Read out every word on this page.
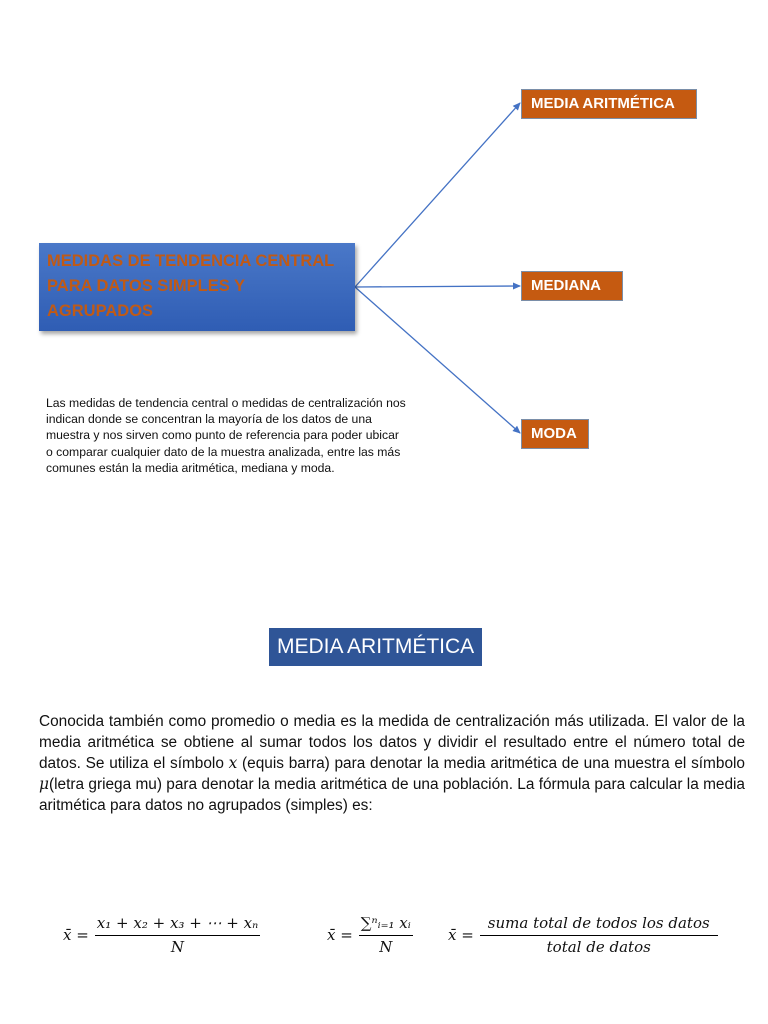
MEDIDAS DE TENDENCIA CENTRAL PARA DATOS SIMPLES Y AGRUPADOS
MEDIA ARITMÉTICA
MEDIANA
MODA

Las medidas de tendencia central o medidas de centralización nos indican donde se concentran la mayoría de los datos de una muestra y nos sirven como punto de referencia para poder ubicar o comparar cualquier dato de la muestra analizada, entre las más comunes están la media aritmética, mediana y moda.

MEDIA ARITMÉTICA

Conocida también como promedio o media es la medida de centralización más utilizada. El valor de la media aritmética se obtiene al sumar todos los datos y dividir el resultado entre el número total de datos. Se utiliza el símbolo x (equis barra) para denotar la media aritmética de una muestra el símbolo μ(letra griega mu) para denotar la media aritmética de una población. La fórmula para calcular la media aritmética para datos no agrupados (simples) es:

x̄ = $\frac{\text{x₁ + x₂ + x₃ + ⋯ + xₙ}}{N}$	x̄ = $\frac{\text{∑ⁿᵢ₌₁ xᵢ}}{N}$ x̄ = $\frac{\text{suma total de todos los datos}}{\text{total de datos}}$
